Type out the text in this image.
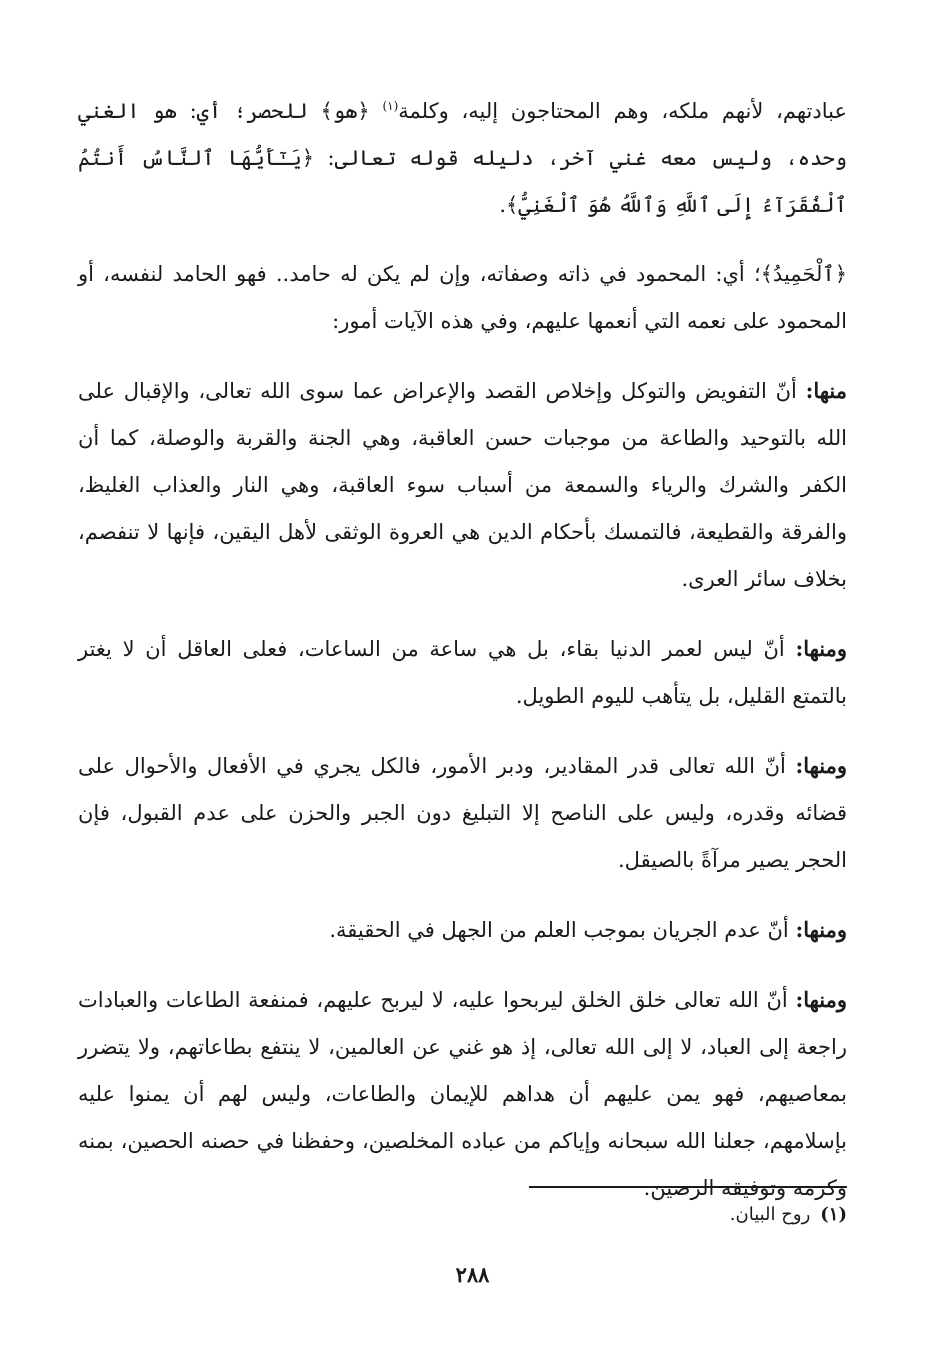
عبادتهم، لأنهم ملكه، وهم المحتاجون إليه، وكلمة$^{(١)}$ ﴿هو﴾ للحصر؛ أي: هو الغني وحده، وليس معه غني آخر، دليله قوله تعالى: ﴿يَـٰٓأَيُّهَا ٱلنَّاسُ أَنتُمُ ٱلْفُقَرَآءُ إِلَى ٱللَّهِ وَٱللَّهُ هُوَ ٱلْغَنِيُّ﴾.

﴿ٱلْحَمِيدُ﴾؛ أي: المحمود في ذاته وصفاته، وإن لم يكن له حامد.. فهو الحامد لنفسه، أو المحمود على نعمه التي أنعمها عليهم، وفي هذه الآيات أمور:

منها: أنّ التفويض والتوكل وإخلاص القصد والإعراض عما سوى الله تعالى، والإقبال على الله بالتوحيد والطاعة من موجبات حسن العاقبة، وهي الجنة والقربة والوصلة، كما أن الكفر والشرك والرياء والسمعة من أسباب سوء العاقبة، وهي النار والعذاب الغليظ، والفرقة والقطيعة، فالتمسك بأحكام الدين هي العروة الوثقى لأهل اليقين، فإنها لا تنفصم، بخلاف سائر العرى.

ومنها: أنّ ليس لعمر الدنيا بقاء، بل هي ساعة من الساعات، فعلى العاقل أن لا يغتر بالتمتع القليل، بل يتأهب لليوم الطويل.

ومنها: أنّ الله تعالى قدر المقادير، ودبر الأمور، فالكل يجري في الأفعال والأحوال على قضائه وقدره، وليس على الناصح إلا التبليغ دون الجبر والحزن على عدم القبول، فإن الحجر يصير مرآةً بالصيقل.

ومنها: أنّ عدم الجريان بموجب العلم من الجهل في الحقيقة.

ومنها: أنّ الله تعالى خلق الخلق ليربحوا عليه، لا ليربح عليهم، فمنفعة الطاعات والعبادات راجعة إلى العباد، لا إلى الله تعالى، إذ هو غني عن العالمين، لا ينتفع بطاعاتهم، ولا يتضرر بمعاصيهم، فهو يمن عليهم أن هداهم للإيمان والطاعات، وليس لهم أن يمنوا عليه بإسلامهم، جعلنا الله سبحانه وإياكم من عباده المخلصين، وحفظنا في حصنه الحصين، بمنه وكرمه وتوفيقه الرصين.

(١)روح البيان.
٢٨٨
